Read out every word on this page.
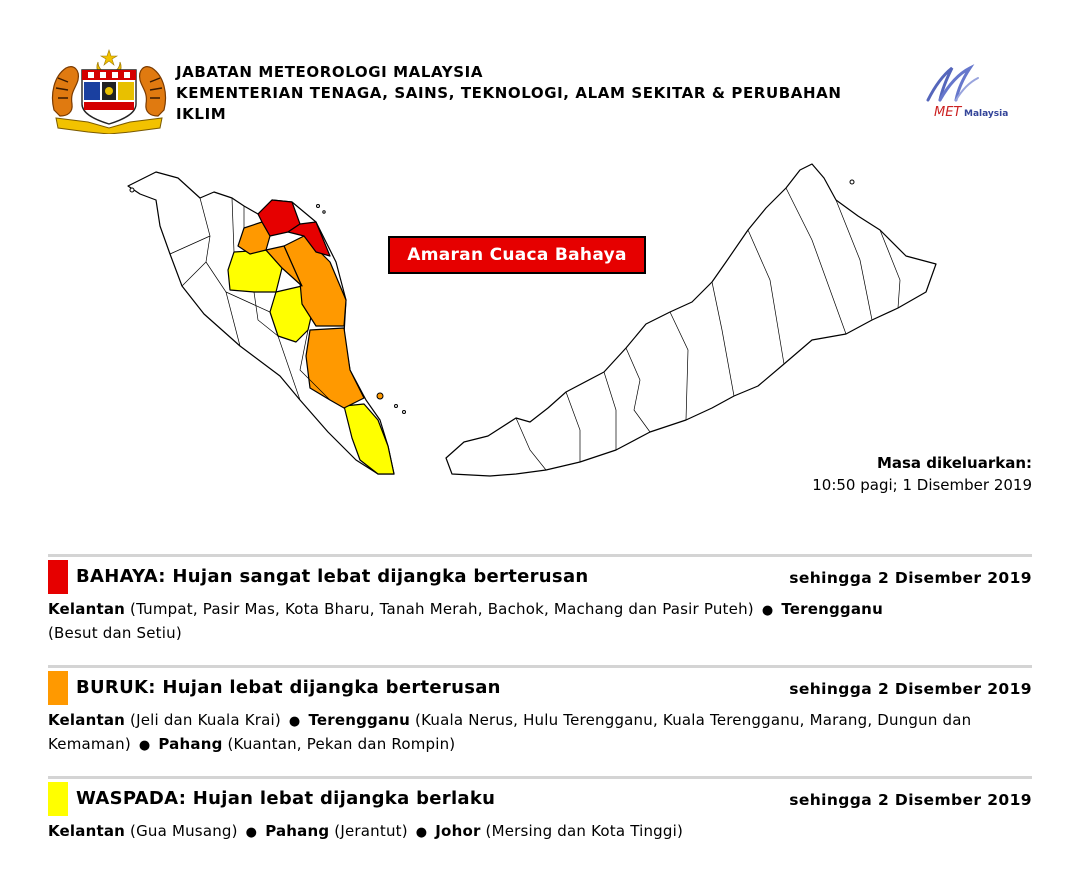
JABATAN METEOROLOGI MALAYSIA
KEMENTERIAN TENAGA, SAINS, TEKNOLOGI, ALAM SEKITAR & PERUBAHAN
IKLIM	MET Malaysia
Amaran Cuaca Bahaya
Masa dikeluarkan:
10:50 pagi; 1 Disember 2019
BAHAYA: Hujan sangat lebat dijangka berterusan	sehingga 2 Disember 2019
Kelantan (Tumpat, Pasir Mas, Kota Bharu, Tanah Merah, Bachok, Machang dan Pasir Puteh) ● Terengganu
(Besut dan Setiu)
BURUK: Hujan lebat dijangka berterusan	sehingga 2 Disember 2019
Kelantan (Jeli dan Kuala Krai) ● Terengganu (Kuala Nerus, Hulu Terengganu, Kuala Terengganu, Marang, Dungun dan Kemaman) ● Pahang (Kuantan, Pekan dan Rompin)
WASPADA: Hujan lebat dijangka berlaku	sehingga 2 Disember 2019
Kelantan (Gua Musang) ● Pahang (Jerantut) ● Johor (Mersing dan Kota Tinggi)
